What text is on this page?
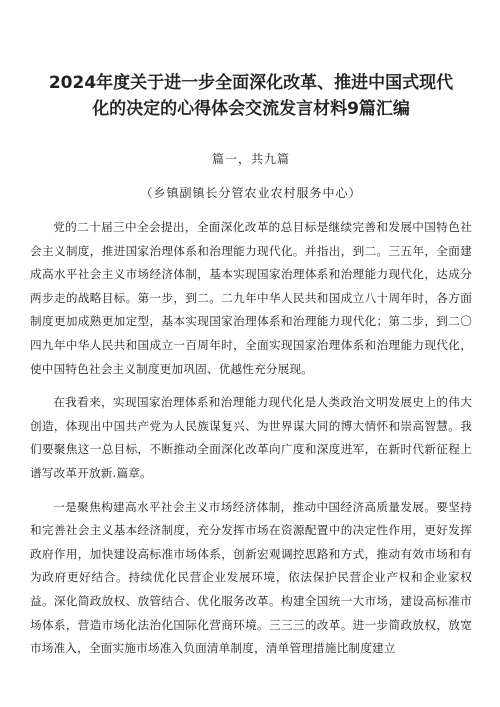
2024年度关于进一步全面深化改革、推进中国式现代
化的决定的心得体会交流发言材料9篇汇编
篇一，共九篇
（乡镇副镇长分管农业农村服务中心）

党的二十届三中全会提出，全面深化改革的总目标是继续完善和发展中国特色社会主义制度，推进国家治理体系和治理能力现代化。并指出，到二。三五年，全面建成高水平社会主义市场经济体制，基本实现国家治理体系和治理能力现代化，达成分两步走的战略目标。第一步，到二。二九年中华人民共和国成立八十周年时，各方面制度更加成熟更加定型，基本实现国家治理体系和治理能力现代化；第二步，到二〇四九年中华人民共和国成立一百周年时，全面实现国家治理体系和治理能力现代化，使中国特色社会主义制度更加巩固、优越性充分展现。

在我看来，实现国家治理体系和治理能力现代化是人类政治文明发展史上的伟大创造，体现出中国共产党为人民族谋复兴、为世界谋大同的博大情怀和崇高智慧。我们要聚焦这一总目标，不断推动全面深化改革向广度和深度进军，在新时代新征程上谱写改革开放新.篇章。

一是聚焦构建高水平社会主义市场经济体制，推动中国经济高质量发展。要坚持和完善社会主义基本经济制度，充分发挥市场在资源配置中的决定性作用，更好发挥政府作用，加快建设高标准市场体系，创新宏观调控思路和方式，推动有效市场和有为政府更好结合。持续优化民营企业发展环境，依法保护民营企业产权和企业家权益。深化简政放权、放管结合、优化服务改革。构建全国统一大市场，建设高标准市场体系，营造市场化法治化国际化营商环境。三三三的改革。进一步简政放权，放宽市场准入，全面实施市场准入负面清单制度，清单管理措施比制度建立
